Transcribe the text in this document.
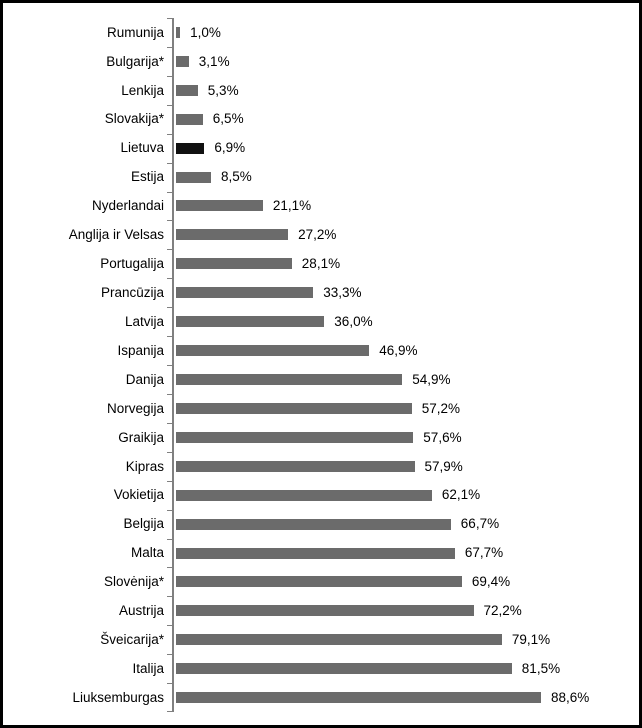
Rumunija	1,0%
Bulgarija*	3,1%
Lenkija	5,3%
Slovakija*	6,5%
Lietuva	6,9%
Estija	8,5%
Nyderlandai	21,1%
Anglija ir Velsas	27,2%
Portugalija	28,1%
Prancūzija	33,3%
Latvija	36,0%
Ispanija	46,9%
Danija	54,9%
Norvegija	57,2%
Graikija	57,6%
Kipras	57,9%
Vokietija	62,1%
Belgija	66,7%
Malta	67,7%
Slovėnija*	69,4%
Austrija	72,2%
Šveicarija*	79,1%
Italija	81,5%
Liuksemburgas	88,6%
